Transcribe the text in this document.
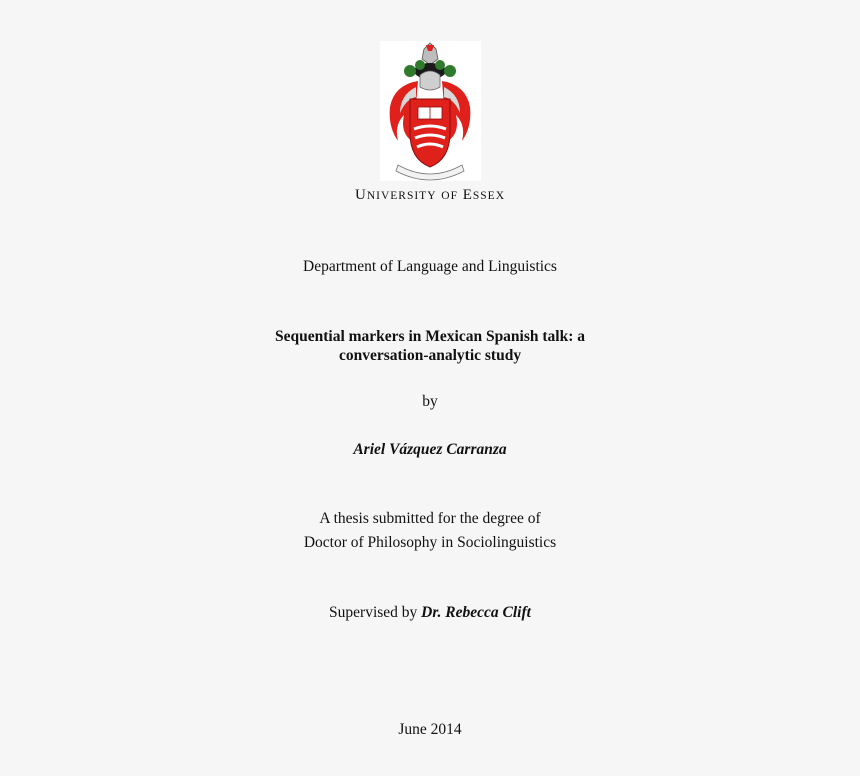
UNIVERSITY OF ESSEX
Department of Language and Linguistics
Sequential markers in Mexican Spanish talk: a
conversation-analytic study
by
Ariel Vázquez Carranza
A thesis submitted for the degree of
Doctor of Philosophy in Sociolinguistics
Supervised by Dr. Rebecca Clift
June 2014
